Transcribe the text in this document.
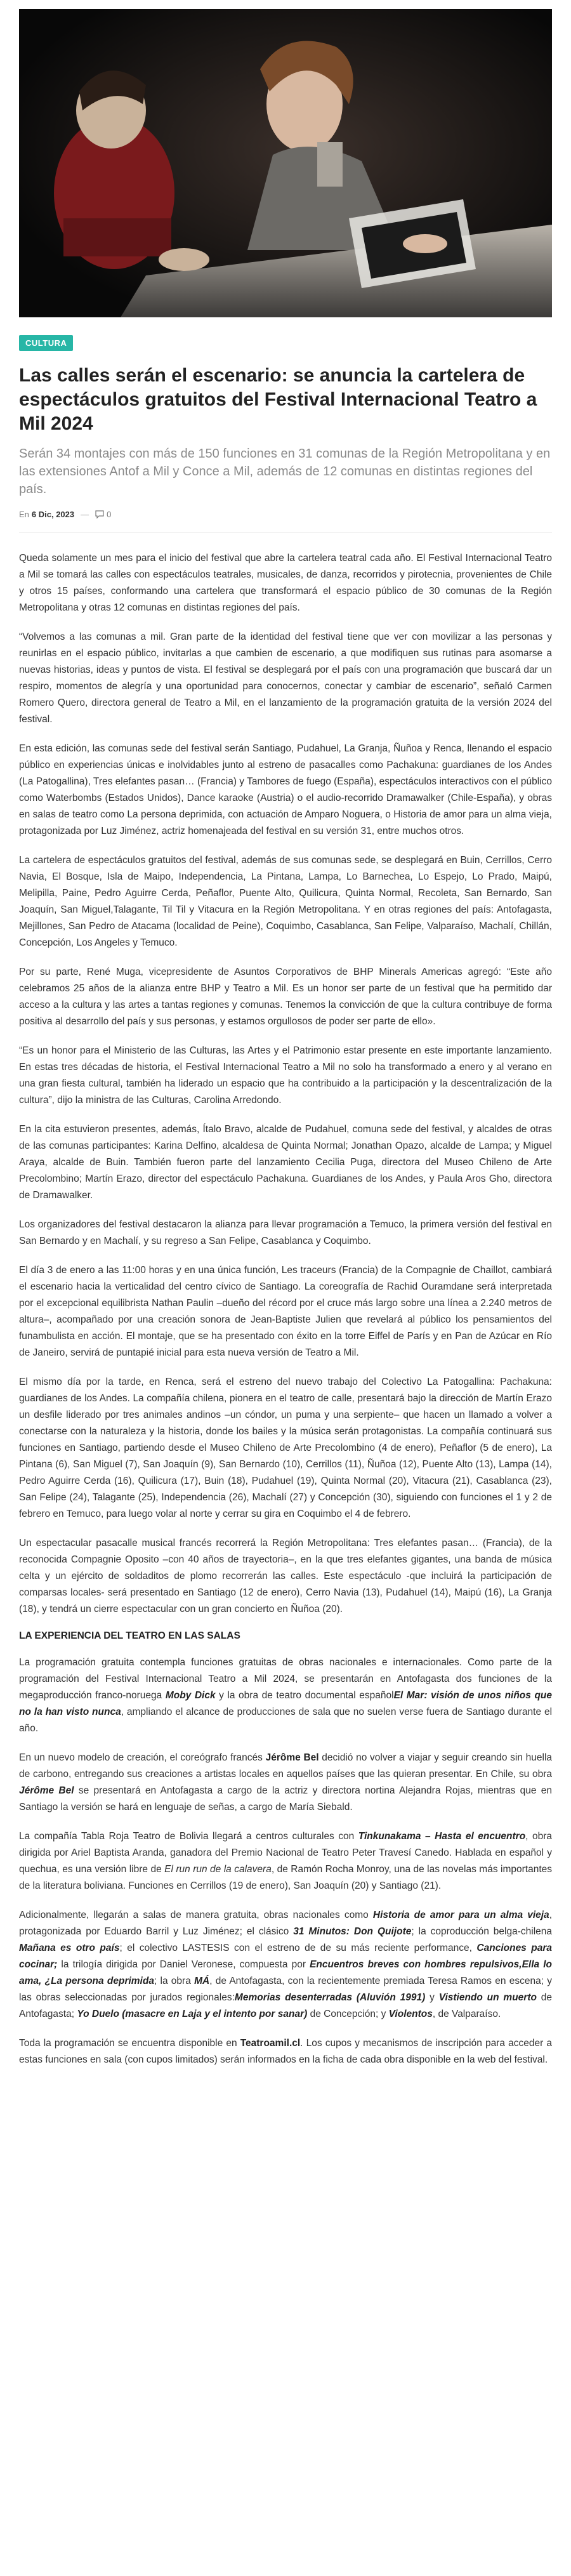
CULTURA
Las calles serán el escenario: se anuncia la cartelera de espectáculos gratuitos del Festival Internacional Teatro a Mil 2024

Serán 34 montajes con más de 150 funciones en 31 comunas de la Región Metropolitana y en las extensiones Antof a Mil y Conce a Mil, además de 12 comunas en distintas regiones del país.

En 6 Dic, 2023 — 0

Queda solamente un mes para el inicio del festival que abre la cartelera teatral cada año. El Festival Internacional Teatro a Mil se tomará las calles con espectáculos teatrales, musicales, de danza, recorridos y pirotecnia, provenientes de Chile y otros 15 países, conformando una cartelera que transformará el espacio público de 30 comunas de la Región Metropolitana y otras 12 comunas en distintas regiones del país.

“Volvemos a las comunas a mil. Gran parte de la identidad del festival tiene que ver con movilizar a las personas y reunirlas en el espacio público, invitarlas a que cambien de escenario, a que modifiquen sus rutinas para asomarse a nuevas historias, ideas y puntos de vista. El festival se desplegará por el país con una programación que buscará dar un respiro, momentos de alegría y una oportunidad para conocernos, conectar y cambiar de escenario”, señaló Carmen Romero Quero, directora general de Teatro a Mil, en el lanzamiento de la programación gratuita de la versión 2024 del festival.

En esta edición, las comunas sede del festival serán Santiago, Pudahuel, La Granja, Ñuñoa y Renca, llenando el espacio público en experiencias únicas e inolvidables junto al estreno de pasacalles como Pachakuna: guardianes de los Andes (La Patogallina), Tres elefantes pasan… (Francia) y Tambores de fuego (España), espectáculos interactivos con el público como Waterbombs (Estados Unidos), Dance karaoke (Austria) o el audio-recorrido Dramawalker (Chile-España), y obras en salas de teatro como La persona deprimida, con actuación de Amparo Noguera, o Historia de amor para un alma vieja, protagonizada por Luz Jiménez, actriz homenajeada del festival en su versión 31, entre muchos otros.

La cartelera de espectáculos gratuitos del festival, además de sus comunas sede, se desplegará en Buin, Cerrillos, Cerro Navia, El Bosque, Isla de Maipo, Independencia, La Pintana, Lampa, Lo Barnechea, Lo Espejo, Lo Prado, Maipú, Melipilla, Paine, Pedro Aguirre Cerda, Peñaflor, Puente Alto, Quilicura, Quinta Normal, Recoleta, San Bernardo, San Joaquín, San Miguel,Talagante, Til Til y Vitacura en la Región Metropolitana. Y en otras regiones del país: Antofagasta, Mejillones, San Pedro de Atacama (localidad de Peine), Coquimbo, Casablanca, San Felipe, Valparaíso, Machalí, Chillán, Concepción, Los Angeles y Temuco.

Por su parte, René Muga, vicepresidente de Asuntos Corporativos de BHP Minerals Americas agregó: “Este año celebramos 25 años de la alianza entre BHP y Teatro a Mil. Es un honor ser parte de un festival que ha permitido dar acceso a la cultura y las artes a tantas regiones y comunas. Tenemos la convicción de que la cultura contribuye de forma positiva al desarrollo del país y sus personas, y estamos orgullosos de poder ser parte de ello».

“Es un honor para el Ministerio de las Culturas, las Artes y el Patrimonio estar presente en este importante lanzamiento. En estas tres décadas de historia, el Festival Internacional Teatro a Mil no solo ha transformado a enero y al verano en una gran fiesta cultural, también ha liderado un espacio que ha contribuido a la participación y la descentralización de la cultura”, dijo la ministra de las Culturas, Carolina Arredondo.

En la cita estuvieron presentes, además, Ítalo Bravo, alcalde de Pudahuel, comuna sede del festival, y alcaldes de otras de las comunas participantes: Karina Delfino, alcaldesa de Quinta Normal; Jonathan Opazo, alcalde de Lampa; y Miguel Araya, alcalde de Buin. También fueron parte del lanzamiento Cecilia Puga, directora del Museo Chileno de Arte Precolombino; Martín Erazo, director del espectáculo Pachakuna. Guardianes de los Andes, y Paula Aros Gho, directora de Dramawalker.

Los organizadores del festival destacaron la alianza para llevar programación a Temuco, la primera versión del festival en San Bernardo y en Machalí, y su regreso a San Felipe, Casablanca y Coquimbo.

El día 3 de enero a las 11:00 horas y en una única función, Les traceurs (Francia) de la Compagnie de Chaillot, cambiará el escenario hacia la verticalidad del centro cívico de Santiago. La coreografía de Rachid Ouramdane será interpretada por el excepcional equilibrista Nathan Paulin –dueño del récord por el cruce más largo sobre una línea a 2.240 metros de altura–, acompañado por una creación sonora de Jean-Baptiste Julien que revelará al público los pensamientos del funambulista en acción. El montaje, que se ha presentado con éxito en la torre Eiffel de París y en Pan de Azúcar en Río de Janeiro, servirá de puntapié inicial para esta nueva versión de Teatro a Mil.

El mismo día por la tarde, en Renca, será el estreno del nuevo trabajo del Colectivo La Patogallina: Pachakuna: guardianes de los Andes. La compañía chilena, pionera en el teatro de calle, presentará bajo la dirección de Martín Erazo un desfile liderado por tres animales andinos –un cóndor, un puma y una serpiente– que hacen un llamado a volver a conectarse con la naturaleza y la historia, donde los bailes y la música serán protagonistas. La compañía continuará sus funciones en Santiago, partiendo desde el Museo Chileno de Arte Precolombino (4 de enero), Peñaflor (5 de enero), La Pintana (6), San Miguel (7), San Joaquín (9), San Bernardo (10), Cerrillos (11), Ñuñoa (12), Puente Alto (13), Lampa (14), Pedro Aguirre Cerda (16), Quilicura (17), Buin (18), Pudahuel (19), Quinta Normal (20), Vitacura (21), Casablanca (23), San Felipe (24), Talagante (25), Independencia (26), Machalí (27) y Concepción (30), siguiendo con funciones el 1 y 2 de febrero en Temuco, para luego volar al norte y cerrar su gira en Coquimbo el 4 de febrero.

Un espectacular pasacalle musical francés recorrerá la Región Metropolitana: Tres elefantes pasan… (Francia), de la reconocida Compagnie Oposito –con 40 años de trayectoria–, en la que tres elefantes gigantes, una banda de música celta y un ejército de soldaditos de plomo recorrerán las calles. Este espectáculo -que incluirá la participación de comparsas locales- será presentado en Santiago (12 de enero), Cerro Navia (13), Pudahuel (14), Maipú (16), La Granja (18), y tendrá un cierre espectacular con un gran concierto en Ñuñoa (20).

LA EXPERIENCIA DEL TEATRO EN LAS SALAS

La programación gratuita contempla funciones gratuitas de obras nacionales e internacionales. Como parte de la programación del Festival Internacional Teatro a Mil 2024, se presentarán en Antofagasta dos funciones de la megaproducción franco-noruega Moby Dick y la obra de teatro documental españolEl Mar: visión de unos niños que no la han visto nunca, ampliando el alcance de producciones de sala que no suelen verse fuera de Santiago durante el año.

En un nuevo modelo de creación, el coreógrafo francés Jérôme Bel decidió no volver a viajar y seguir creando sin huella de carbono, entregando sus creaciones a artistas locales en aquellos países que las quieran presentar. En Chile, su obra Jérôme Bel se presentará en Antofagasta a cargo de la actriz y directora nortina Alejandra Rojas, mientras que en Santiago la versión se hará en lenguaje de señas, a cargo de María Siebald.

La compañía Tabla Roja Teatro de Bolivia llegará a centros culturales con Tinkunakama – Hasta el encuentro, obra dirigida por Ariel Baptista Aranda, ganadora del Premio Nacional de Teatro Peter Travesí Canedo. Hablada en español y quechua, es una versión libre de El run run de la calavera, de Ramón Rocha Monroy, una de las novelas más importantes de la literatura boliviana. Funciones en Cerrillos (19 de enero), San Joaquín (20) y Santiago (21).

Adicionalmente, llegarán a salas de manera gratuita, obras nacionales como Historia de amor para un alma vieja, protagonizada por Eduardo Barril y Luz Jiménez; el clásico 31 Minutos: Don Quijote; la coproducción belga-chilena Mañana es otro país; el colectivo LASTESIS con el estreno de de su más reciente performance, Canciones para cocinar; la trilogía dirigida por Daniel Veronese, compuesta por Encuentros breves con hombres repulsivos,Ella lo ama, ¿La persona deprimida; la obra MÁ, de Antofagasta, con la recientemente premiada Teresa Ramos en escena; y las obras seleccionadas por jurados regionales:Memorias desenterradas (Aluvión 1991) y Vistiendo un muerto de Antofagasta; Yo Duelo (masacre en Laja y el intento por sanar) de Concepción; y Violentos, de Valparaíso.

Toda la programación se encuentra disponible en Teatroamil.cl. Los cupos y mecanismos de inscripción para acceder a estas funciones en sala (con cupos limitados) serán informados en la ficha de cada obra disponible en la web del festival.
